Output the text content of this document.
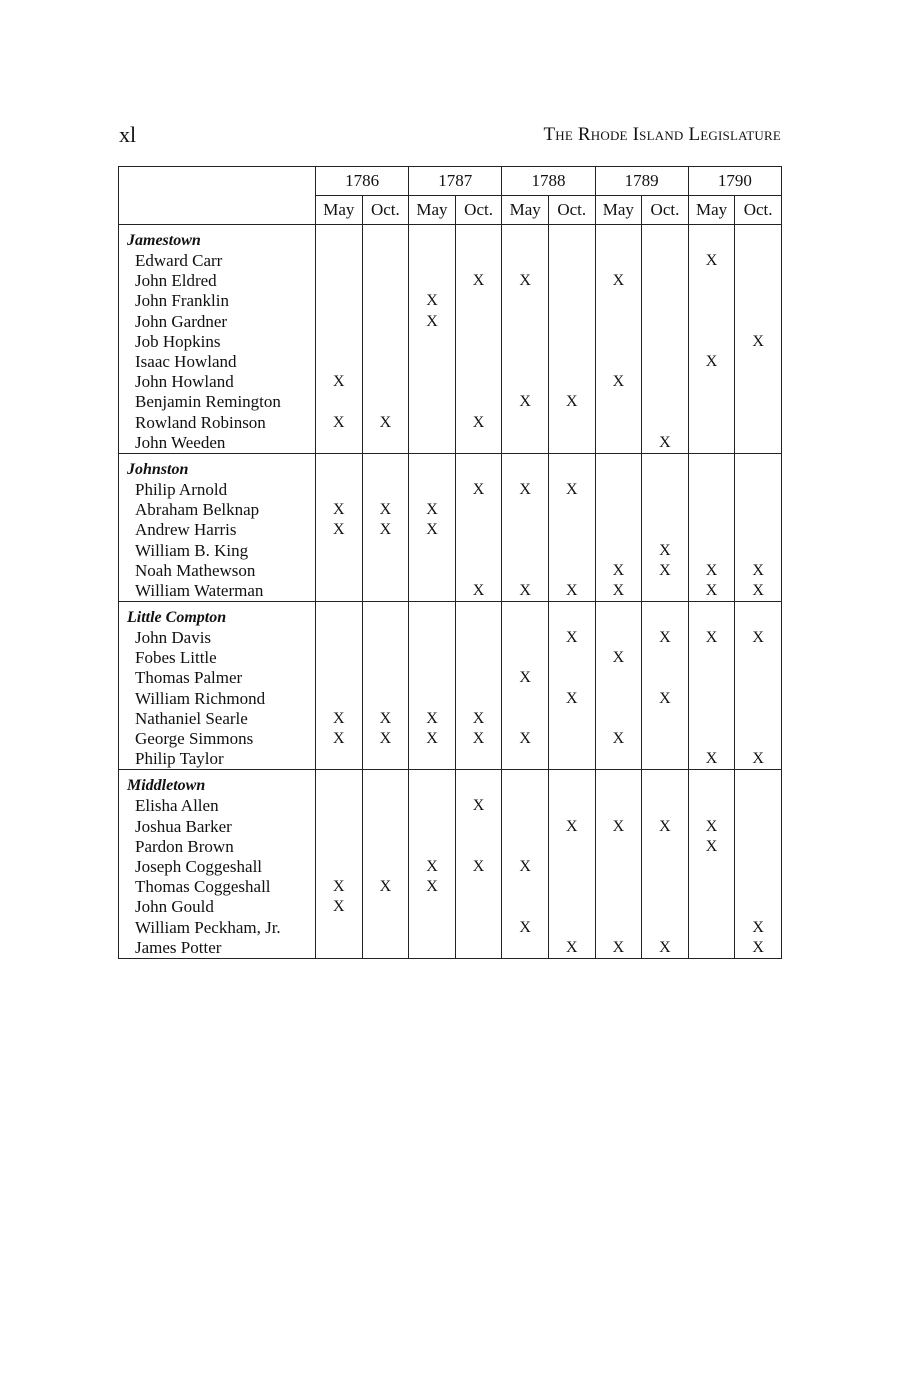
xl	The Rhode Island Legislature
	1786		1787		1788		1789		1790	
	May	Oct.	May	Oct.	May	Oct.	May	Oct.	May	Oct.
Jamestown										
Edward Carr									X	
John Eldred				X	X		X			
John Franklin			X							
John Gardner			X							
Job Hopkins										X
Isaac Howland									X	
John Howland	X						X			
Benjamin Remington					X	X				
Rowland Robinson	X	X		X						
John Weeden								X		
Johnston										
Philip Arnold				X	X	X				
Abraham Belknap	X	X	X							
Andrew Harris	X	X	X							
William B. King								X		
Noah Mathewson							X	X	X	X
William Waterman				X	X	X	X		X	X
Little Compton										
John Davis						X		X	X	X
Fobes Little							X			
Thomas Palmer					X					
William Richmond						X		X		
Nathaniel Searle	X	X	X	X						
George Simmons	X	X	X	X	X		X			
Philip Taylor									X	X
Middletown										
Elisha Allen				X						
Joshua Barker						X	X	X	X	
Pardon Brown									X	
Joseph Coggeshall			X	X	X					
Thomas Coggeshall	X	X	X							
John Gould	X									
William Peckham, Jr.					X					X
James Potter						X	X	X		X
